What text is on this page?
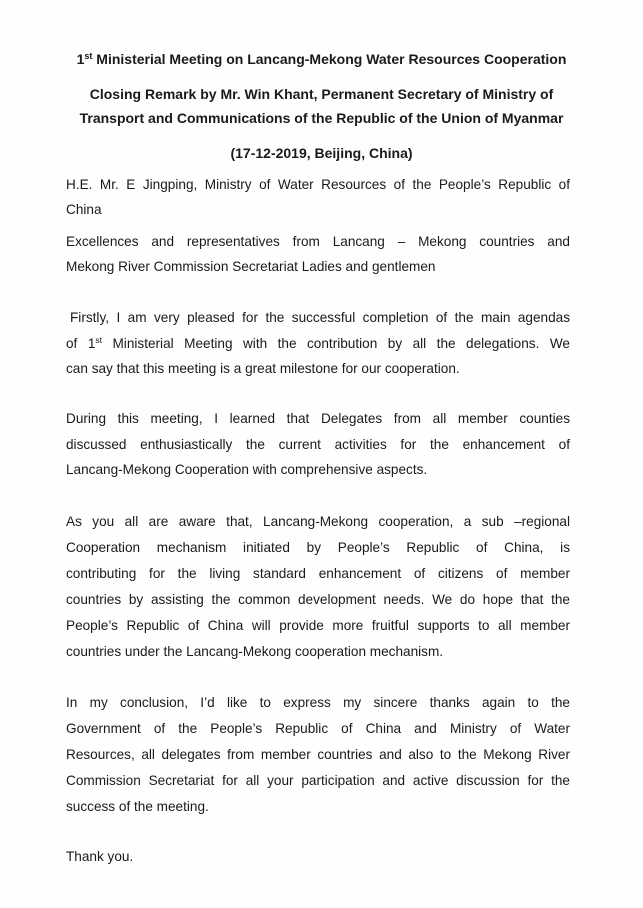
1st Ministerial Meeting on Lancang-Mekong Water Resources Cooperation
Closing Remark by Mr. Win Khant, Permanent Secretary of Ministry of
Transport and Communications of the Republic of the Union of Myanmar
(17-12-2019, Beijing, China)
H.E. Mr. E Jingping, Ministry of Water Resources of the People’s Republic of
China
Excellences and representatives from Lancang – Mekong countries and
Mekong River Commission Secretariat Ladies and gentlemen
Firstly, I am very pleased for the successful completion of the main agendas
of 1st Ministerial Meeting with the contribution by all the delegations. We
can say that this meeting is a great milestone for our cooperation.
During this meeting, I learned that Delegates from all member counties
discussed enthusiastically the current activities for the enhancement of
Lancang-Mekong Cooperation with comprehensive aspects.
As you all are aware that, Lancang-Mekong cooperation, a sub –regional
Cooperation mechanism initiated by People’s Republic of China, is
contributing for the living standard enhancement of citizens of member
countries by assisting the common development needs. We do hope that the
People’s Republic of China will provide more fruitful supports to all member
countries under the Lancang-Mekong cooperation mechanism.
In my conclusion, I’d like to express my sincere thanks again to the
Government of the People’s Republic of China and Ministry of Water
Resources, all delegates from member countries and also to the Mekong River
Commission Secretariat for all your participation and active discussion for the
success of the meeting.
Thank you.
